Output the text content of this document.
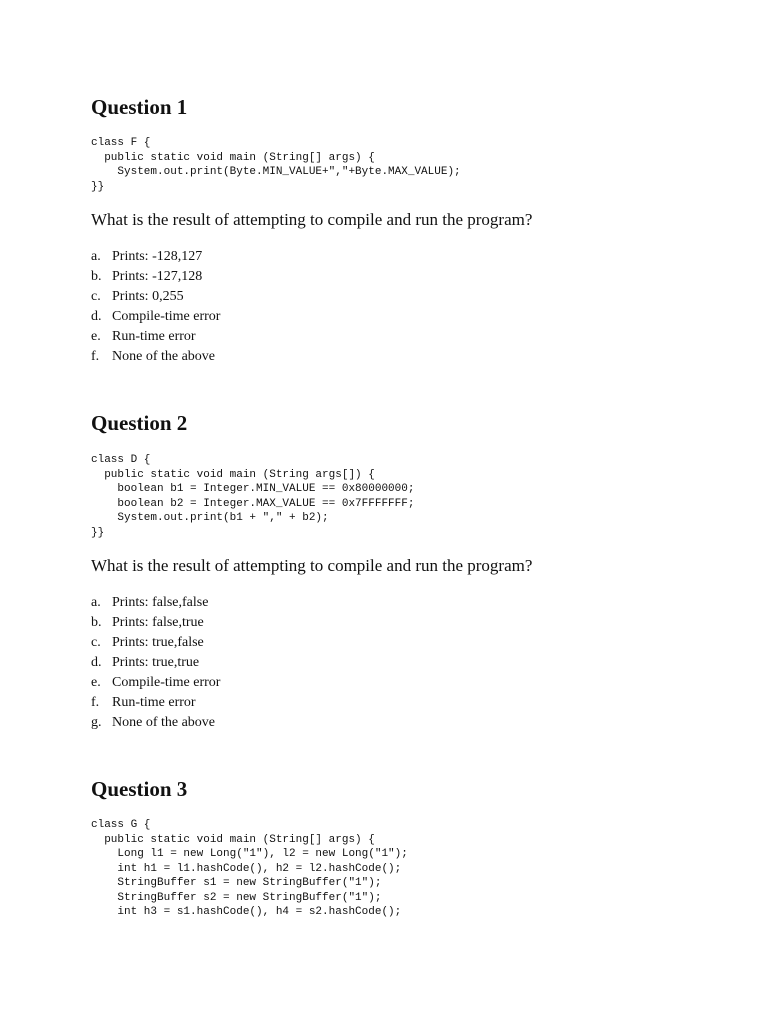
Question 1
class F {
public static void main (String[] args) {
System.out.print(Byte.MIN_VALUE+","+Byte.MAX_VALUE);
}}

What is the result of attempting to compile and run the program?

a. Prints: -128,127
b. Prints: -127,128
c. Prints: 0,255
d. Compile-time error
e. Run-time error
f. None of the above
Question 2
class D {
public static void main (String args[]) {
boolean b1 = Integer.MIN_VALUE == 0x80000000;
boolean b2 = Integer.MAX_VALUE == 0x7FFFFFFF;
System.out.print(b1 + "," + b2);
}}

What is the result of attempting to compile and run the program?

a. Prints: false,false
b. Prints: false,true
c. Prints: true,false
d. Prints: true,true
e. Compile-time error
f. Run-time error
g. None of the above
Question 3
class G {
public static void main (String[] args) {
Long l1 = new Long("1"), l2 = new Long("1");
int h1 = l1.hashCode(), h2 = l2.hashCode();
StringBuffer s1 = new StringBuffer("1");
StringBuffer s2 = new StringBuffer("1");
int h3 = s1.hashCode(), h4 = s2.hashCode();
